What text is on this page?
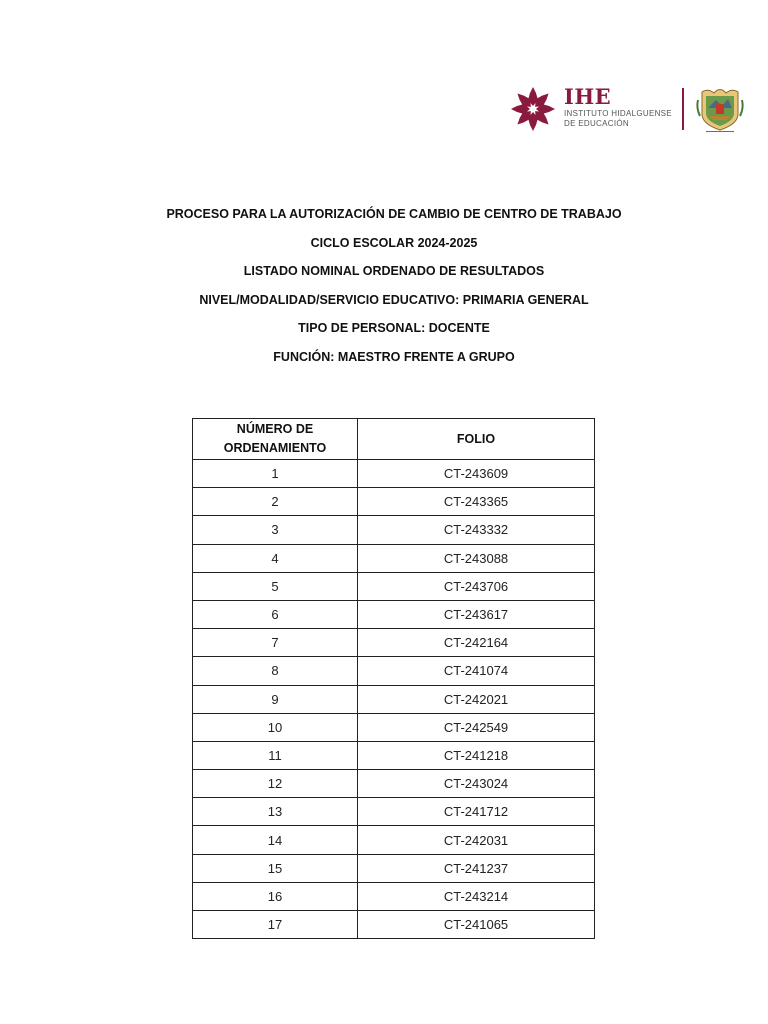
IHE
INSTITUTO HIDALGUENSE
DE EDUCACIÓN

PROCESO PARA LA AUTORIZACIÓN DE CAMBIO DE CENTRO DE TRABAJO

CICLO ESCOLAR 2024-2025

LISTADO NOMINAL ORDENADO DE RESULTADOS

NIVEL/MODALIDAD/SERVICIO EDUCATIVO: PRIMARIA GENERAL

TIPO DE PERSONAL: DOCENTE

FUNCIÓN: MAESTRO FRENTE A GRUPO

NÚMERO DE
ORDENAMIENTO	FOLIO
1	CT-243609
2	CT-243365
3	CT-243332
4	CT-243088
5	CT-243706
6	CT-243617
7	CT-242164
8	CT-241074
9	CT-242021
10	CT-242549
11	CT-241218
12	CT-243024
13	CT-241712
14	CT-242031
15	CT-241237
16	CT-243214
17	CT-241065
